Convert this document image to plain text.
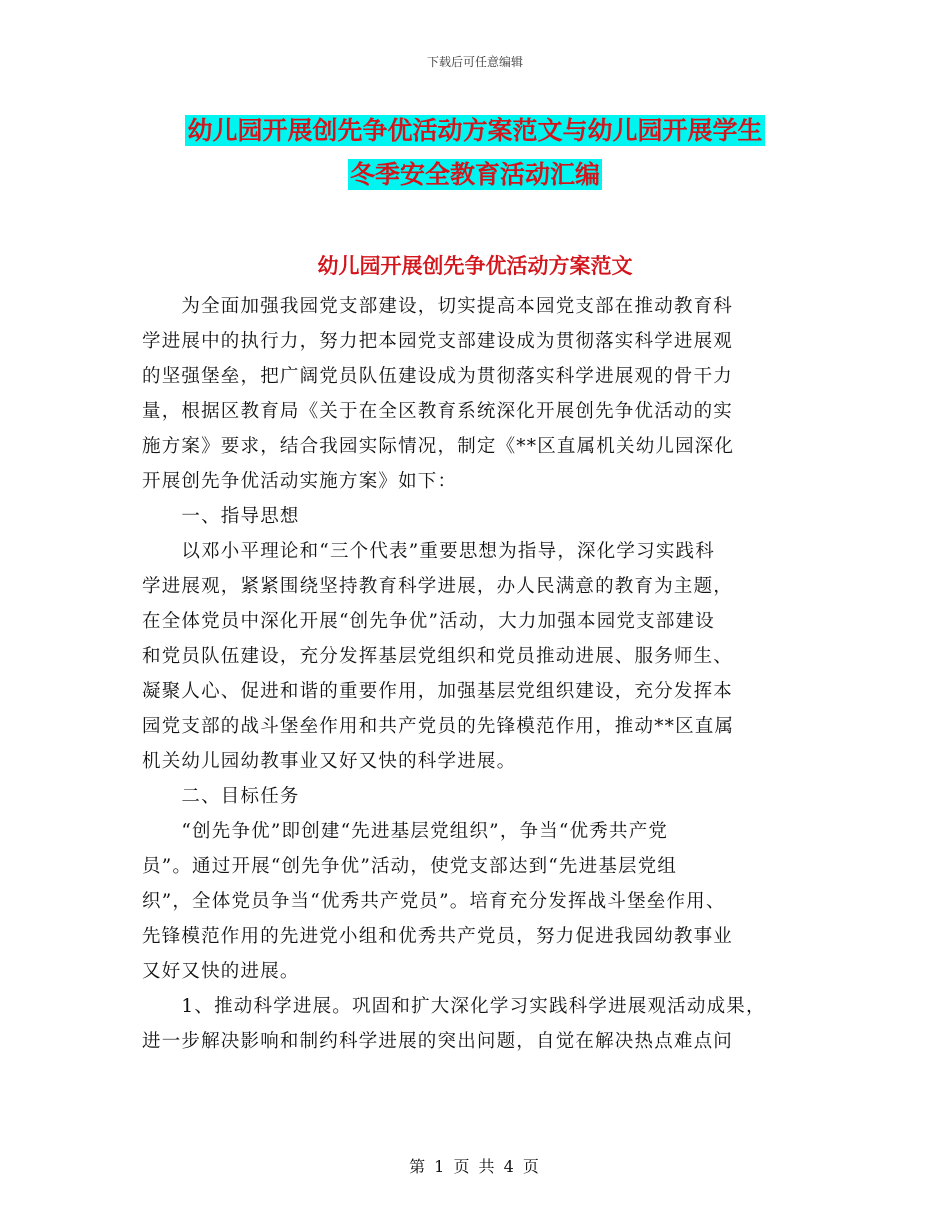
下载后可任意编辑
幼儿园开展创先争优活动方案范文与幼儿园开展学生
冬季安全教育活动汇编
幼儿园开展创先争优活动方案范文
　　为全面加强我园党支部建设，切实提高本园党支部在推动教育科
学进展中的执行力，努力把本园党支部建设成为贯彻落实科学进展观
的坚强堡垒，把广阔党员队伍建设成为贯彻落实科学进展观的骨干力
量，根据区教育局《关于在全区教育系统深化开展创先争优活动的实
施方案》要求，结合我园实际情况，制定《**区直属机关幼儿园深化
开展创先争优活动实施方案》如下：
　　一、指导思想
　　以邓小平理论和“三个代表”重要思想为指导，深化学习实践科
学进展观，紧紧围绕坚持教育科学进展，办人民满意的教育为主题，
在全体党员中深化开展“创先争优”活动，大力加强本园党支部建设
和党员队伍建设，充分发挥基层党组织和党员推动进展、服务师生、
凝聚人心、促进和谐的重要作用，加强基层党组织建设，充分发挥本
园党支部的战斗堡垒作用和共产党员的先锋模范作用，推动**区直属
机关幼儿园幼教事业又好又快的科学进展。
　　二、目标任务
　　“创先争优”即创建“先进基层党组织”，争当“优秀共产党
员”。通过开展“创先争优”活动，使党支部达到“先进基层党组
织”，全体党员争当“优秀共产党员”。培育充分发挥战斗堡垒作用、
先锋模范作用的先进党小组和优秀共产党员，努力促进我园幼教事业
又好又快的进展。
　　1、推动科学进展。巩固和扩大深化学习实践科学进展观活动成果，
进一步解决影响和制约科学进展的突出问题，自觉在解决热点难点问
第 1 页 共 4 页
